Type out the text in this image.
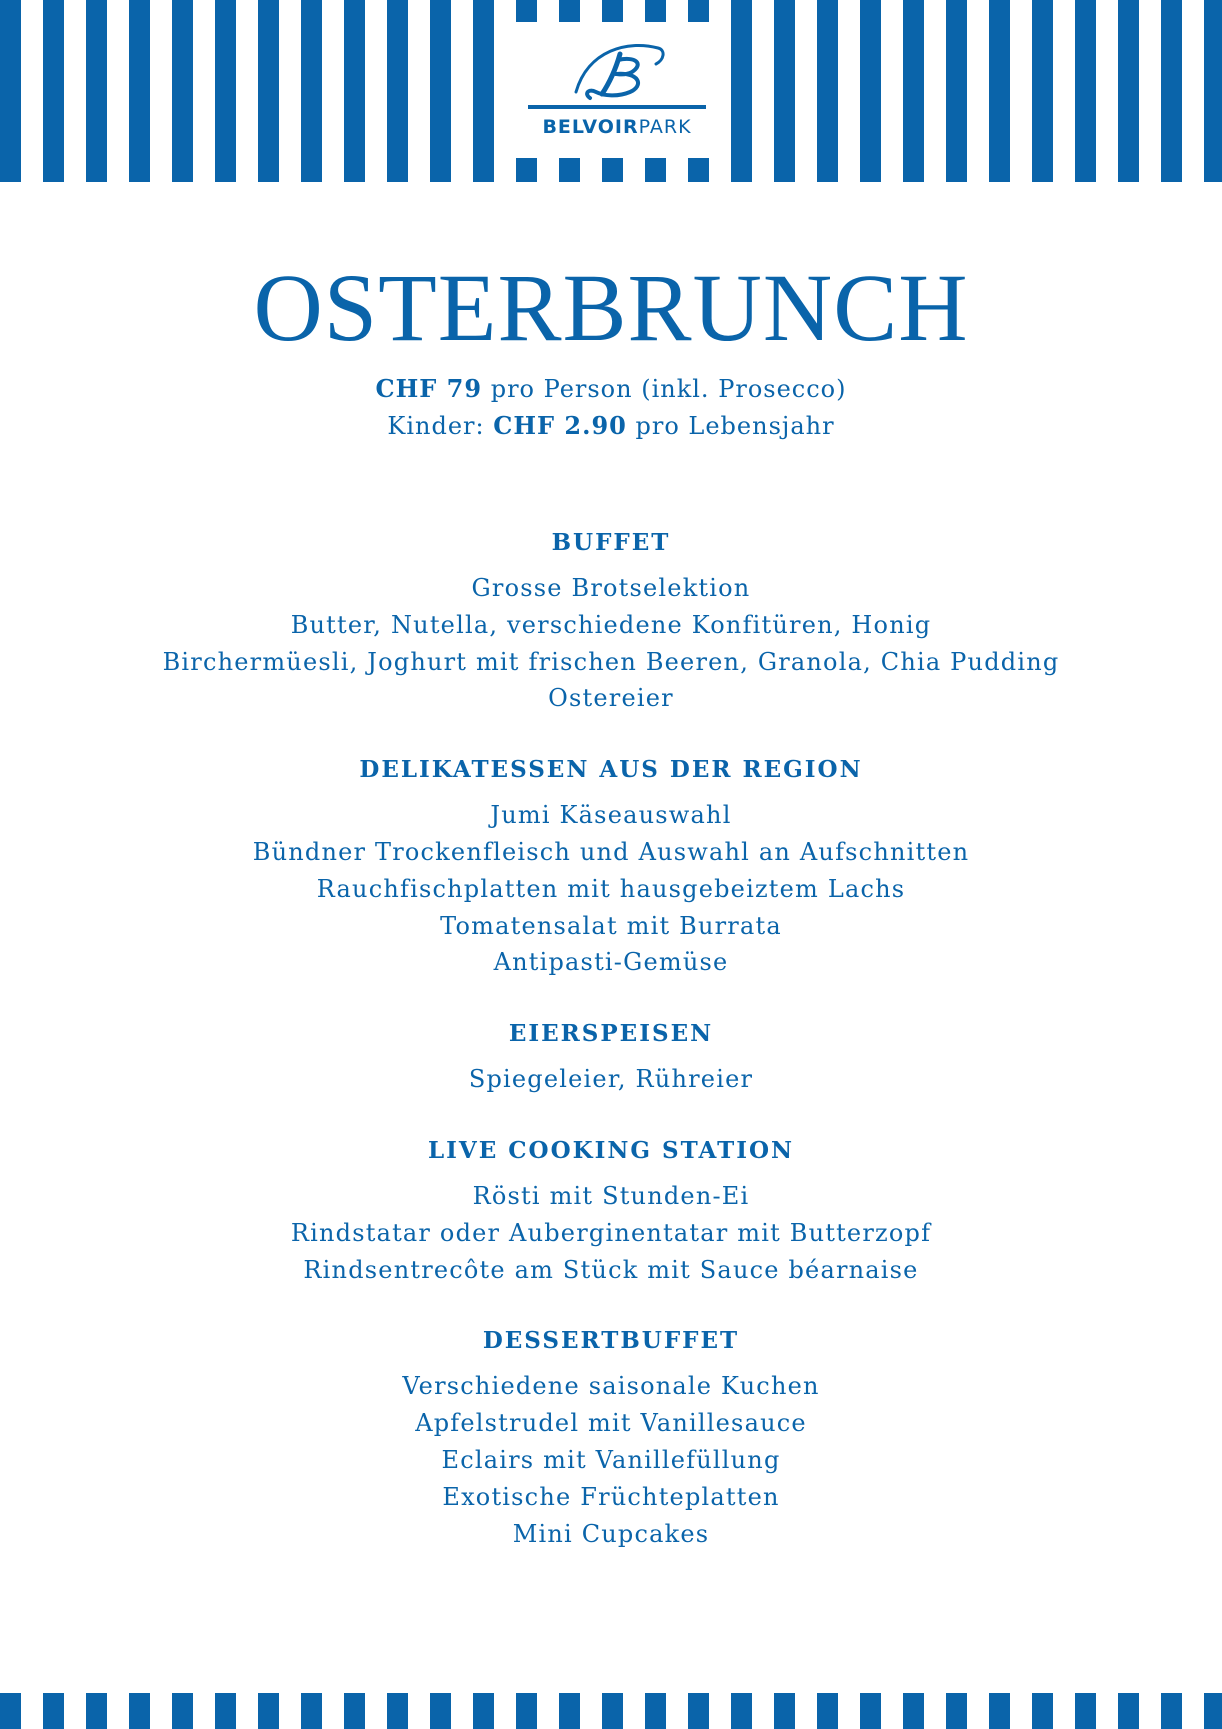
BELVOIRPARK
OSTERBRUNCH
CHF 79 pro Person (inkl. Prosecco)
Kinder: CHF 2.90 pro Lebensjahr
BUFFET
Grosse Brotselektion
Butter, Nutella, verschiedene Konfitüren, Honig
Birchermüesli, Joghurt mit frischen Beeren, Granola, Chia Pudding
Ostereier
DELIKATESSEN AUS DER REGION
Jumi Käseauswahl
Bündner Trockenfleisch und Auswahl an Aufschnitten
Rauchfischplatten mit hausgebeiztem Lachs
Tomatensalat mit Burrata
Antipasti-Gemüse
EIERSPEISEN
Spiegeleier, Rühreier
LIVE COOKING STATION
Rösti mit Stunden-Ei
Rindstatar oder Auberginentatar mit Butterzopf
Rindsentrecôte am Stück mit Sauce béarnaise
DESSERTBUFFET
Verschiedene saisonale Kuchen
Apfelstrudel mit Vanillesauce
Eclairs mit Vanillefüllung
Exotische Früchteplatten
Mini Cupcakes
